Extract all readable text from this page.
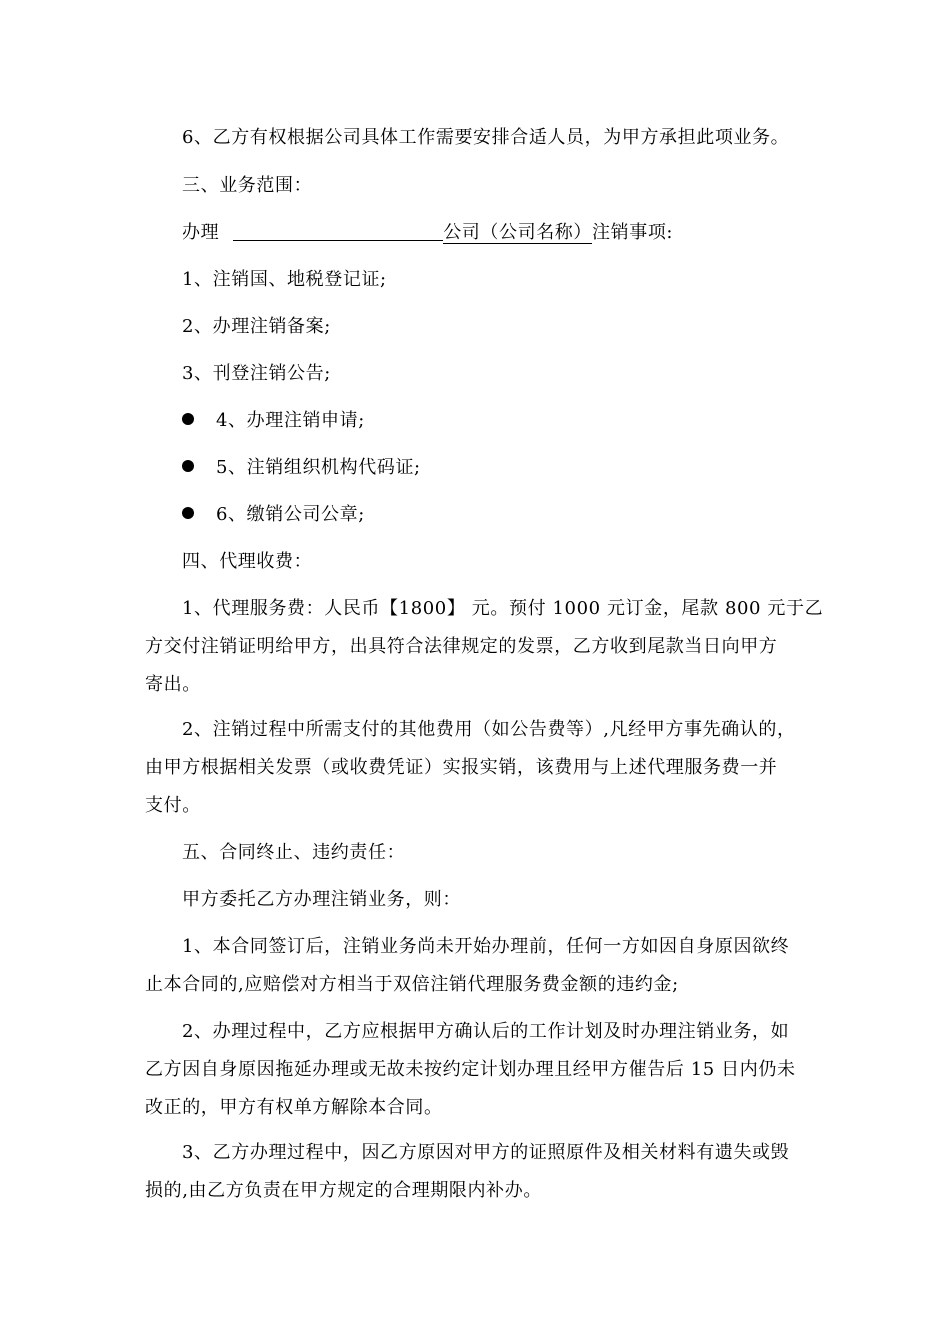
6、乙方有权根据公司具体工作需要安排合适人员，为甲方承担此项业务。
三、业务范围：
办理	公司（公司名称）注销事项:
1、注销国、地税登记证;
2、办理注销备案;
3、刊登注销公告;
4、办理注销申请;
5、注销组织机构代码证;
6、缴销公司公章;
四、代理收费：
1、代理服务费：人民币【1800】 元。预付 1000 元订金，尾款 800 元于乙
方交付注销证明给甲方，出具符合法律规定的发票，乙方收到尾款当日向甲方
寄出。
2、注销过程中所需支付的其他费用（如公告费等）,凡经甲方事先确认的，
由甲方根据相关发票（或收费凭证）实报实销，该费用与上述代理服务费一并
支付。
五、合同终止、违约责任：
甲方委托乙方办理注销业务，则：
1、本合同签订后，注销业务尚未开始办理前，任何一方如因自身原因欲终
止本合同的,应赔偿对方相当于双倍注销代理服务费金额的违约金;
2、办理过程中，乙方应根据甲方确认后的工作计划及时办理注销业务，如
乙方因自身原因拖延办理或无故未按约定计划办理且经甲方催告后 15 日内仍未
改正的，甲方有权单方解除本合同。
3、乙方办理过程中，因乙方原因对甲方的证照原件及相关材料有遗失或毁
损的,由乙方负责在甲方规定的合理期限内补办。
